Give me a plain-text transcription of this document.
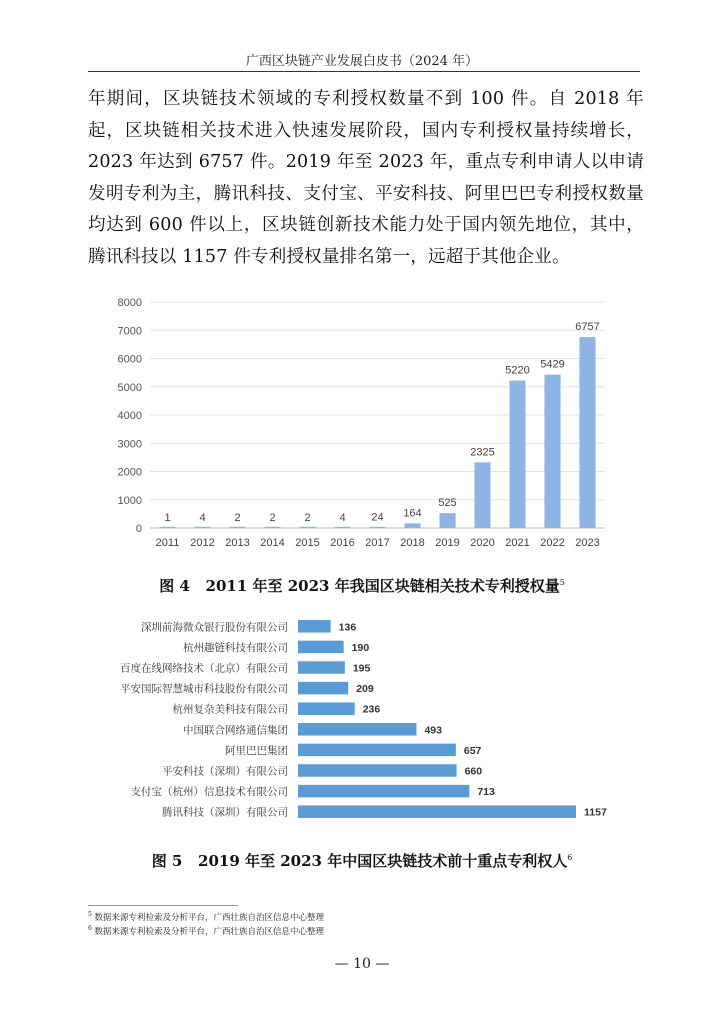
广西区块链产业发展白皮书（2024 年）
年期间，区块链技术领域的专利授权数量不到 100 件。自 2018 年起，区块链相关技术进入快速发展阶段，国内专利授权量持续增长，2023 年达到 6757 件。2019 年至 2023 年，重点专利申请人以申请发明专利为主，腾讯科技、支付宝、平安科技、阿里巴巴专利授权数量均达到 600 件以上，区块链创新技术能力处于国内领先地位，其中，腾讯科技以 1157 件专利授权量排名第一，远超于其他企业。
0
1000
2000
3000
4000
5000
6000
7000
8000
1
2011
4
2012
2
2013
2
2014
2
2015
4
2016
24
2017
164
2018
525
2019
2325
2020
5220
2021
5429
2022
6757
2023
图 4 2011 年至 2023 年我国区块链相关技术专利授权量$^5$
深圳前海微众银行股份有限公司	136
杭州趣链科技有限公司	190
百度在线网络技术（北京）有限公司	195
平安国际智慧城市科技股份有限公司	209
杭州复杂美科技有限公司	236
中国联合网络通信集团	493
阿里巴巴集团	657
平安科技（深圳）有限公司	660
支付宝（杭州）信息技术有限公司	713
腾讯科技（深圳）有限公司	1157
图 5 2019 年至 2023 年中国区块链技术前十重点专利权人$^6$
$^5$ 数据来源专利检索及分析平台，广西壮族自治区信息中心整理
$^6$ 数据来源专利检索及分析平台，广西壮族自治区信息中心整理
— 10 —
